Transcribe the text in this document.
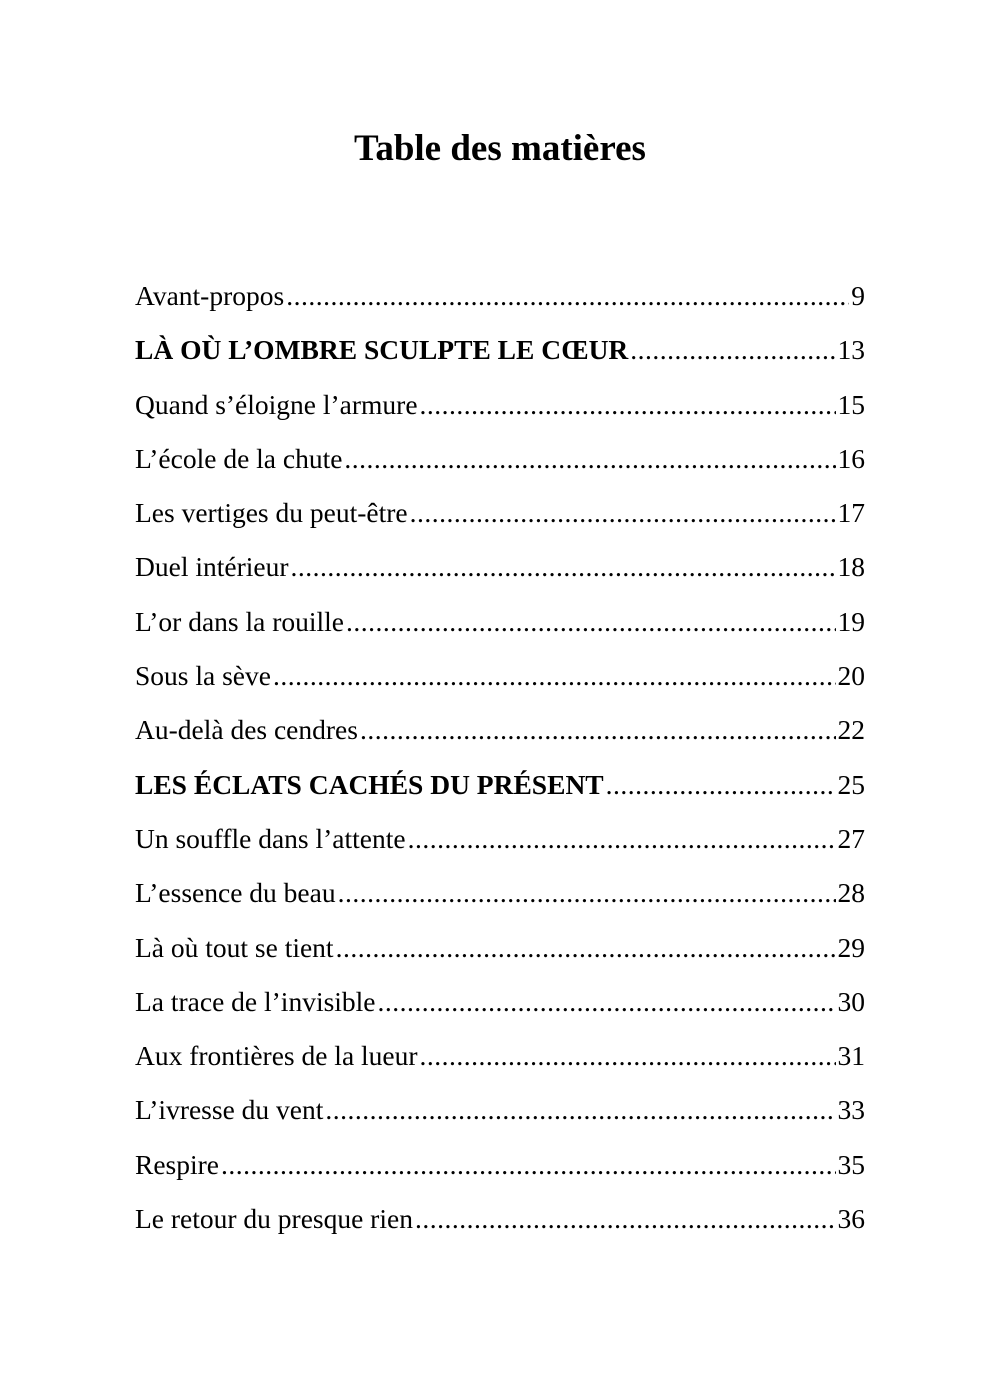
Table des matières
Avant-propos .....	9
LÀ OÙ L’OMBRE SCULPTE LE CŒUR .....	13
Quand s’éloigne l’armure .....	15
L’école de la chute .....	16
Les vertiges du peut-être .....	17
Duel intérieur .....	18
L’or dans la rouille .....	19
Sous la sève .....	20
Au-delà des cendres .....	22
LES ÉCLATS CACHÉS DU PRÉSENT .....	25
Un souffle dans l’attente .....	27
L’essence du beau .....	28
Là où tout se tient .....	29
La trace de l’invisible .....	30
Aux frontières de la lueur .....	31
L’ivresse du vent .....	33
Respire .....	35
Le retour du presque rien .....	36
